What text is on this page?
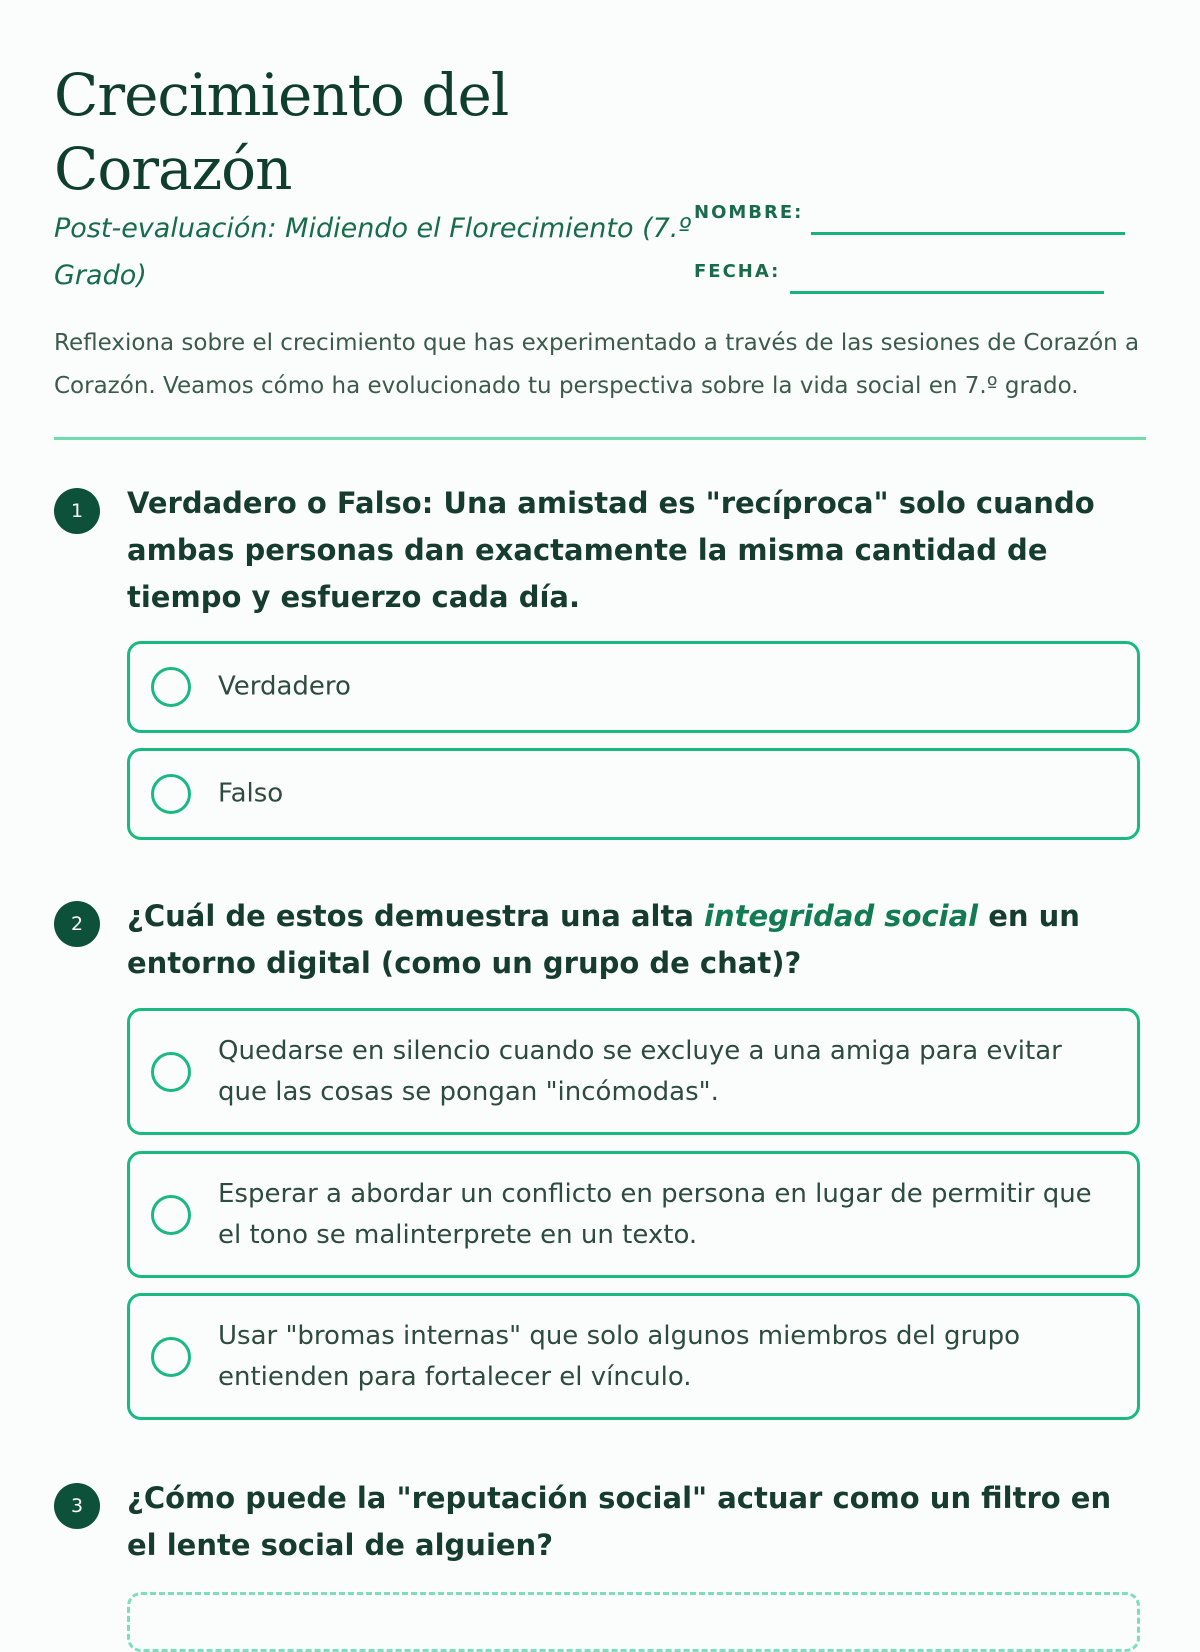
Crecimiento del
Corazón

Post-evaluación: Midiendo el Florecimiento (7.º Grado)

NOMBRE:
FECHA:

Reflexiona sobre el crecimiento que has experimentado a través de las sesiones de Corazón a Corazón. Veamos cómo ha evolucionado tu perspectiva sobre la vida social en 7.º grado.

1	Verdadero o Falso: Una amistad es "recíproca" solo cuando ambas personas dan exactamente la misma cantidad de tiempo y esfuerzo cada día.

Verdadero
Falso
2	¿Cuál de estos demuestra una alta integridad social en un entorno digital (como un grupo de chat)?

Quedarse en silencio cuando se excluye a una amiga para evitar que las cosas se pongan "incómodas".
Esperar a abordar un conflicto en persona en lugar de permitir que el tono se malinterprete en un texto.
Usar "bromas internas" que solo algunos miembros del grupo entienden para fortalecer el vínculo.
3	¿Cómo puede la "reputación social" actuar como un filtro en el lente social de alguien?
